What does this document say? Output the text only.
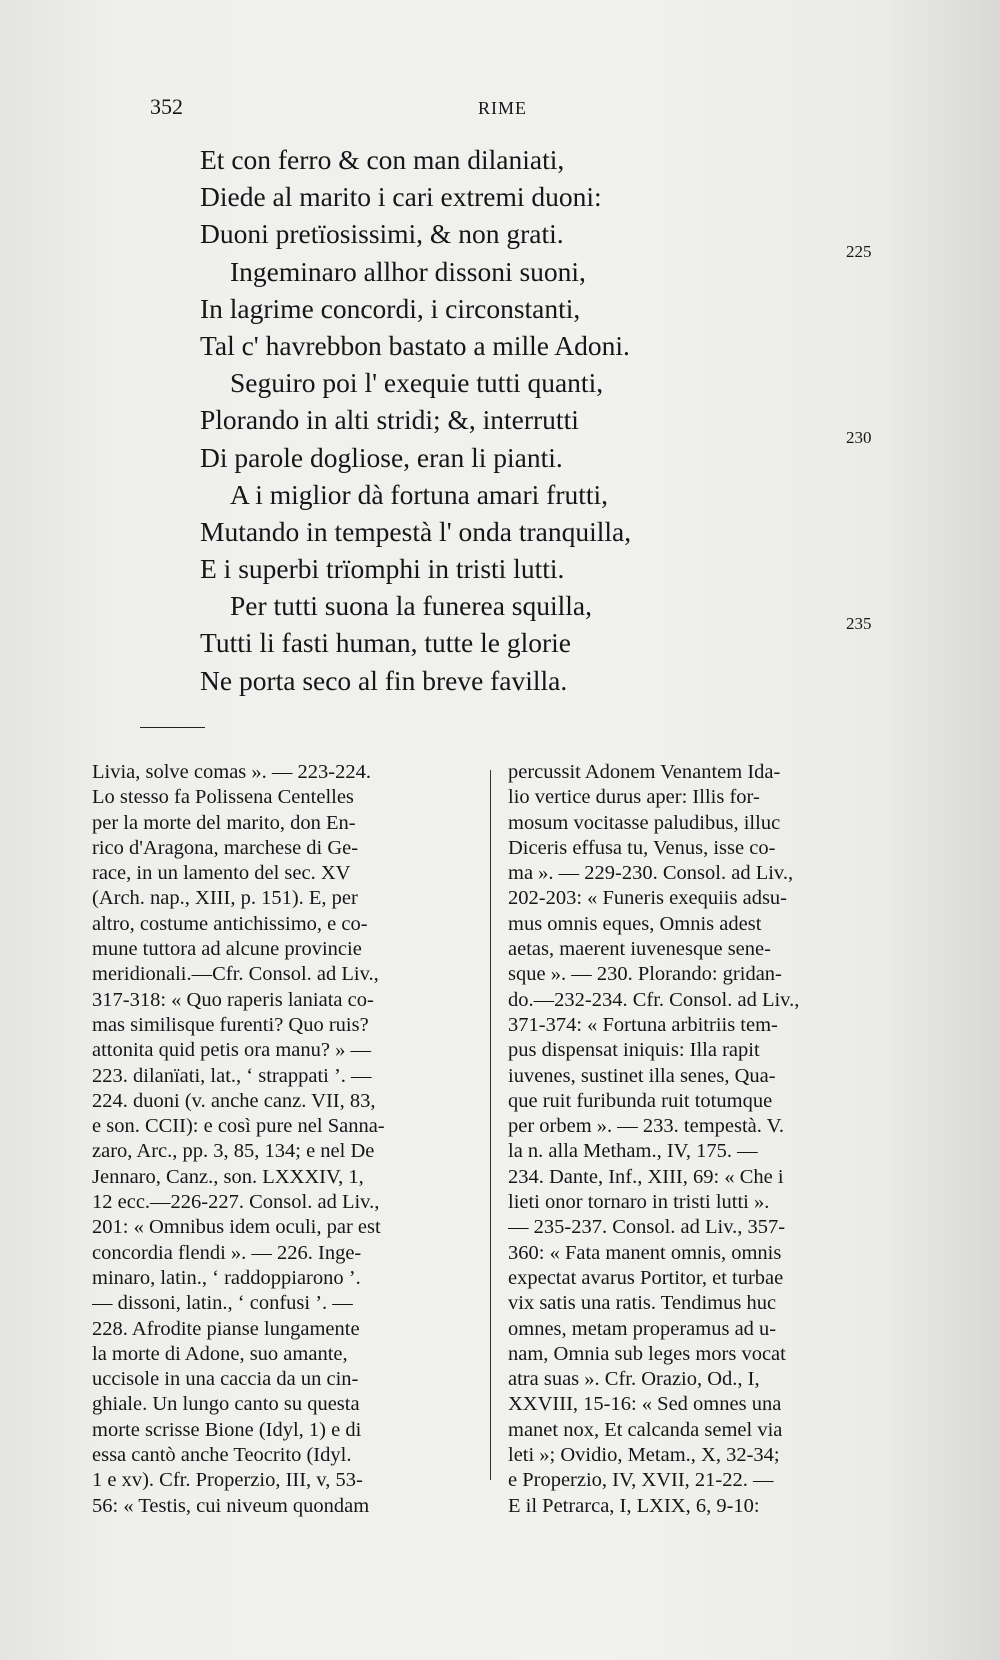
352	RIME
Et con ferro & con man dilaniati,
Diede al marito i cari extremi duoni:
Duoni pretïosissimi, & non grati.
Ingeminaro allhor dissoni suoni,
In lagrime concordi, i circonstanti,
Tal c' havrebbon bastato a mille Adoni.
Seguiro poi l' exequie tutti quanti,
Plorando in alti stridi; &, interrutti
Di parole dogliose, eran li pianti.
A i miglior dà fortuna amari frutti,
Mutando in tempestà l' onda tranquilla,
E i superbi trïomphi in tristi lutti.
Per tutti suona la funerea squilla,
Tutti li fasti human, tutte le glorie
Ne porta seco al fin breve favilla.
225
230
235
Livia, solve comas ». — 223-224.
Lo stesso fa Polissena Centelles
per la morte del marito, don En-
rico d'Aragona, marchese di Ge-
race, in un lamento del sec. XV
(Arch. nap., XIII, p. 151). E, per
altro, costume antichissimo, e co-
mune tuttora ad alcune provincie
meridionali.—Cfr. Consol. ad Liv.,
317-318: « Quo raperis laniata co-
mas similisque furenti? Quo ruis?
attonita quid petis ora manu? » —
223. dilanïati, lat., ‘ strappati ’. —
224. duoni (v. anche canz. VII, 83,
e son. CCII): e così pure nel Sanna-
zaro, Arc., pp. 3, 85, 134; e nel De
Jennaro, Canz., son. LXXXIV, 1,
12 ecc.—226-227. Consol. ad Liv.,
201: « Omnibus idem oculi, par est
concordia flendi ». — 226. Inge-
minaro, latin., ‘ raddoppiarono ’.
— dissoni, latin., ‘ confusi ’. —
228. Afrodite pianse lungamente
la morte di Adone, suo amante,
uccisole in una caccia da un cin-
ghiale. Un lungo canto su questa
morte scrisse Bione (Idyl, 1) e di
essa cantò anche Teocrito (Idyl.
1 e xv). Cfr. Properzio, III, v, 53-
56: « Testis, cui niveum quondam
percussit Adonem Venantem Ida-
lio vertice durus aper: Illis for-
mosum vocitasse paludibus, illuc
Diceris effusa tu, Venus, isse co-
ma ». — 229-230. Consol. ad Liv.,
202-203: « Funeris exequiis adsu-
mus omnis eques, Omnis adest
aetas, maerent iuvenesque sene-
sque ». — 230. Plorando: gridan-
do.—232-234. Cfr. Consol. ad Liv.,
371-374: « Fortuna arbitriis tem-
pus dispensat iniquis: Illa rapit
iuvenes, sustinet illa senes, Qua-
que ruit furibunda ruit totumque
per orbem ». — 233. tempestà. V.
la n. alla Metham., IV, 175. —
234. Dante, Inf., XIII, 69: « Che i
lieti onor tornaro in tristi lutti ».
— 235-237. Consol. ad Liv., 357-
360: « Fata manent omnis, omnis
expectat avarus Portitor, et turbae
vix satis una ratis. Tendimus huc
omnes, metam properamus ad u-
nam, Omnia sub leges mors vocat
atra suas ». Cfr. Orazio, Od., I,
XXVIII, 15-16: « Sed omnes una
manet nox, Et calcanda semel via
leti »; Ovidio, Metam., X, 32-34;
e Properzio, IV, XVII, 21-22. —
E il Petrarca, I, LXIX, 6, 9-10:
